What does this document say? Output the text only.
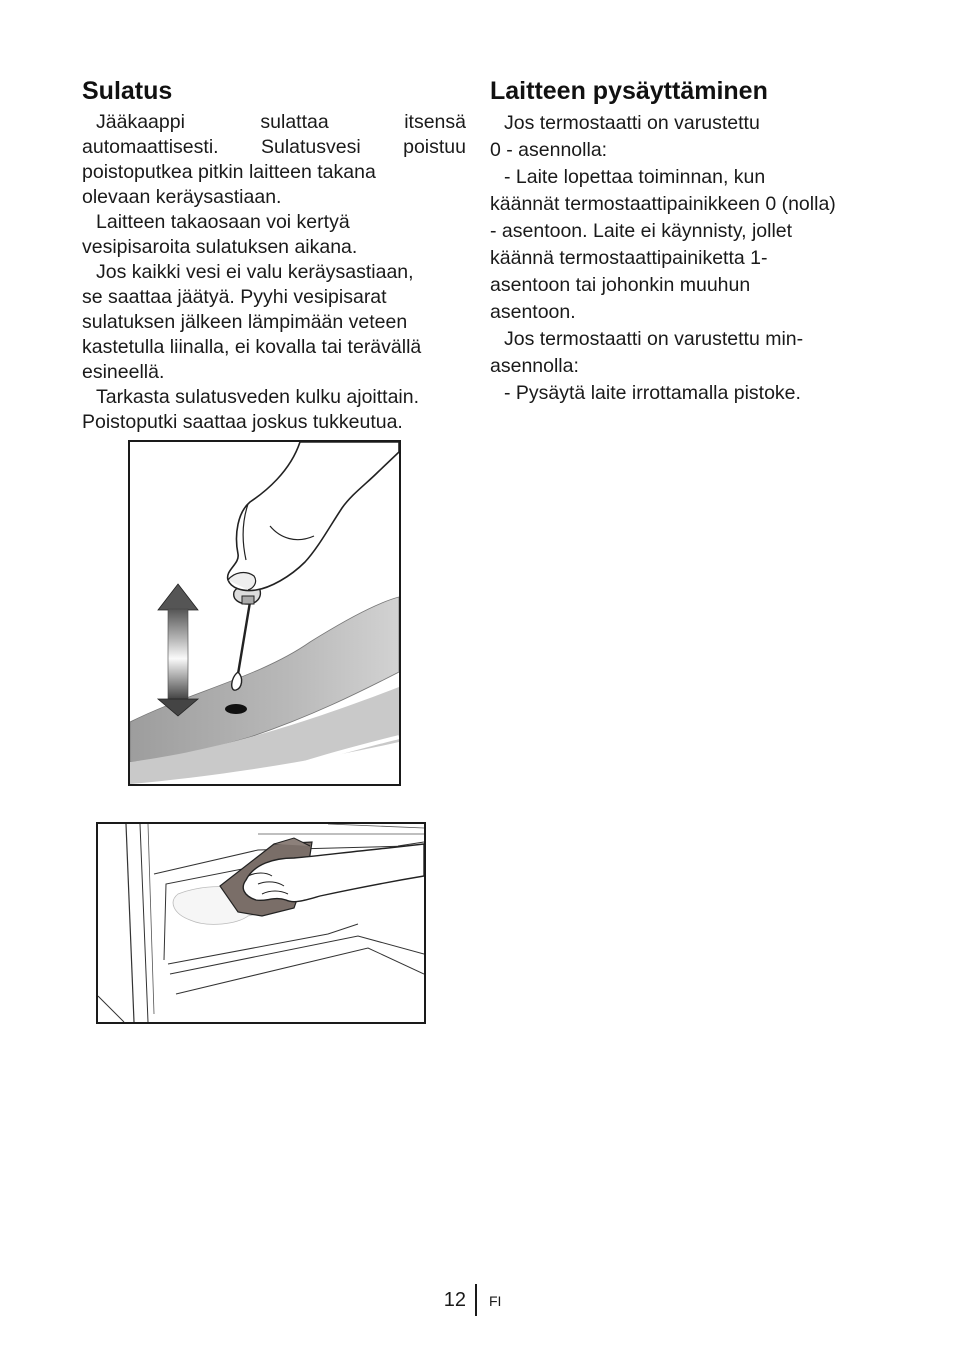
Sulatus
Jääkaappi sulattaa itsensä
automaattisesti. Sulatusvesi poistuu
poistoputkea pitkin laitteen takana
olevaan keräysastiaan.
Laitteen takaosaan voi kertyä
vesipisaroita sulatuksen aikana.
Jos kaikki vesi ei valu keräysastiaan,
se saattaa jäätyä. Pyyhi vesipisarat
sulatuksen jälkeen lämpimään veteen
kastetulla liinalla, ei kovalla tai terävällä
esineellä.
Tarkasta sulatusveden kulku ajoittain.
Poistoputki saattaa joskus tukkeutua.
Laitteen pysäyttäminen
Jos termostaatti on varustettu
0 - asennolla:
- Laite lopettaa toiminnan, kun
käännät termostaattipainikkeen 0 (nolla)
- asentoon. Laite ei käynnisty, jollet
käännä termostaattipainiketta 1-
asentoon tai johonkin muuhun
asentoon.
Jos termostaatti on varustettu min-
asennolla:
- Pysäytä laite irrottamalla pistoke.
12 FI
